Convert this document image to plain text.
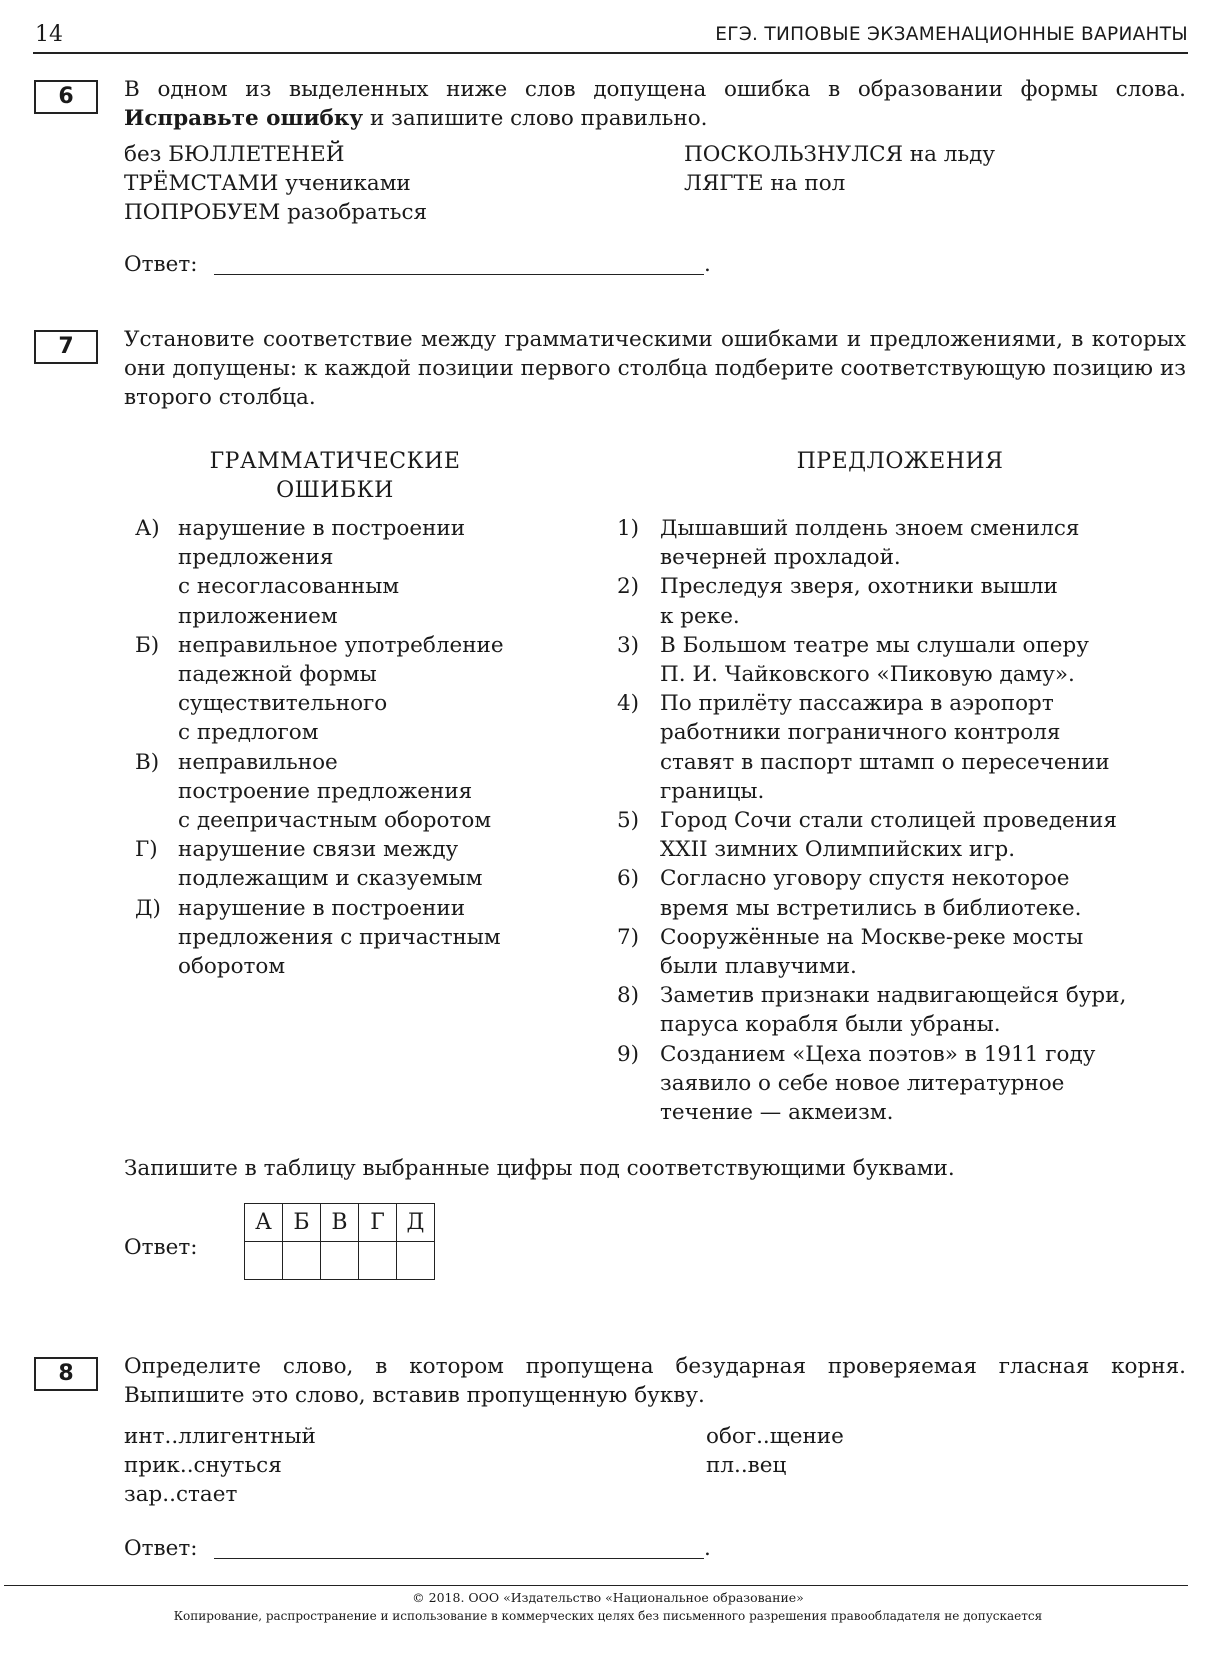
14	ЕГЭ. ТИПОВЫЕ ЭКЗАМЕНАЦИОННЫЕ ВАРИАНТЫ
6	В одном из выделенных ниже слов допущена ошибка в образовании формы слова. Исправьте ошибку и запишите слово правильно.
без БЮЛЛЕТЕНЕЙ
ТРЁМСТАМИ учениками
ПОПРОБУЕМ разобраться
ПОСКОЛЬЗНУЛСЯ на льду
ЛЯГТЕ на пол
Ответ:	.
7	Установите соответствие между грамматическими ошибками и предложениями, в которых они допущены: к каждой позиции первого столбца подберите соответствующую позицию из второго столбца.
ГРАММАТИЧЕСКИЕ
ОШИБКИ
ПРЕДЛОЖЕНИЯ
А) нарушение в построении
предложения
с несогласованным
приложением
Б) неправильное употребление
падежной формы
существительного
с предлогом
В) неправильное
построение предложения
с деепричастным оборотом
Г) нарушение связи между
подлежащим и сказуемым
Д) нарушение в построении
предложения с причастным
оборотом
1) Дышавший полдень зноем сменился
вечерней прохладой.
2) Преследуя зверя, охотники вышли
к реке.
3) В Большом театре мы слушали оперу
П. И. Чайковского «Пиковую даму».
4) По прилёту пассажира в аэропорт
работники пограничного контроля
ставят в паспорт штамп о пересечении
границы.
5) Город Сочи стали столицей проведения
XXII зимних Олимпийских игр.
6) Согласно уговору спустя некоторое
время мы встретились в библиотеке.
7) Сооружённые на Москве-реке мосты
были плавучими.
8) Заметив признаки надвигающейся бури,
паруса корабля были убраны.
9) Созданием «Цеха поэтов» в 1911 году
заявило о себе новое литературное
течение — акмеизм.
Запишите в таблицу выбранные цифры под соответствующими буквами.
Ответ:
А	Б	В	Г	Д

8	Определите слово, в котором пропущена безударная проверяемая гласная корня. Выпишите это слово, вставив пропущенную букву.
инт..ллигентный
прик..снуться
зар..стает
обог..щение
пл..вец
Ответ:	.
© 2018. ООО «Издательство «Национальное образование»
Копирование, распространение и использование в коммерческих целях без письменного разрешения правообладателя не допускается
